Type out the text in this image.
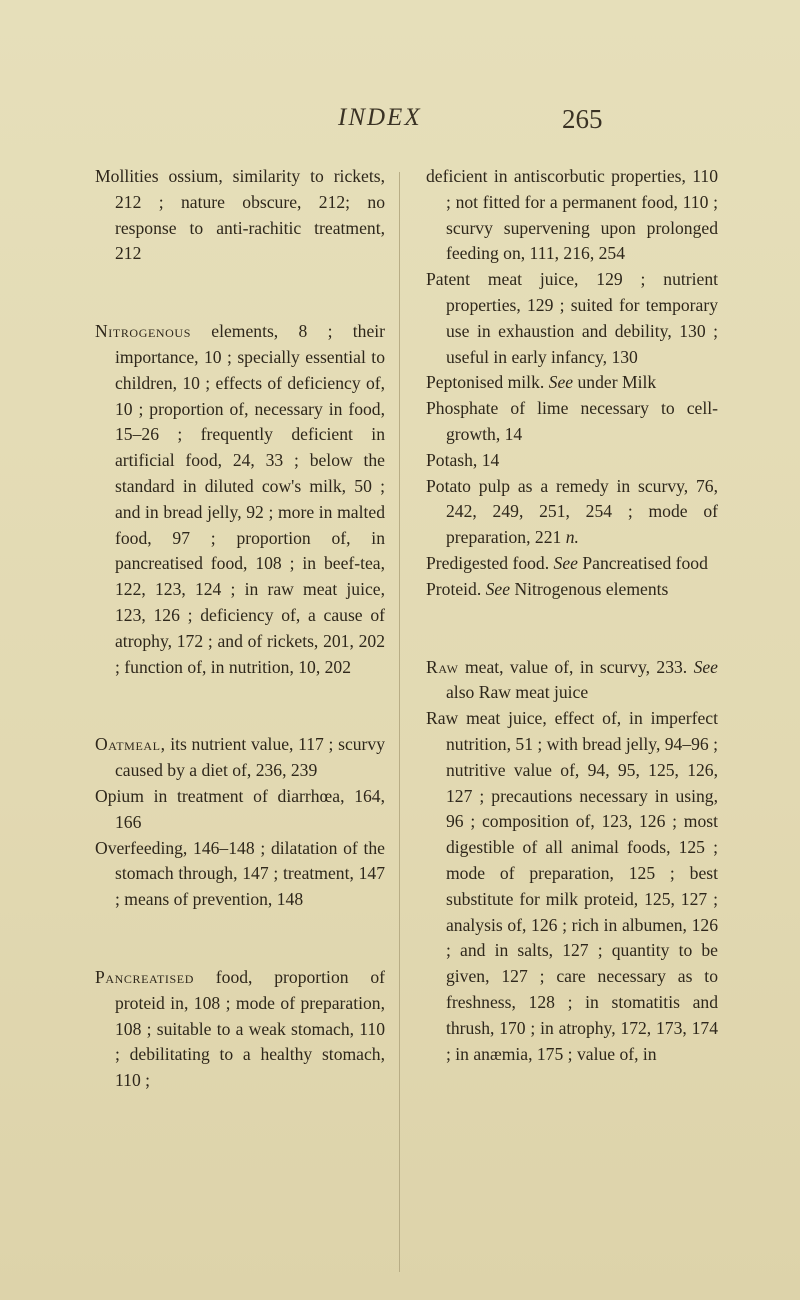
INDEX	265

Mollities ossium, similarity to rickets, 212 ; nature obscure, 212; no response to anti-rachitic treatment, 212

Nitrogenous elements, 8 ; their importance, 10 ; specially essential to children, 10 ; effects of deficiency of, 10 ; proportion of, necessary in food, 15–26 ; frequently deficient in artificial food, 24, 33 ; below the standard in diluted cow's milk, 50 ; and in bread jelly, 92 ; more in malted food, 97 ; proportion of, in pancreatised food, 108 ; in beef-tea, 122, 123, 124 ; in raw meat juice, 123, 126 ; deficiency of, a cause of atrophy, 172 ; and of rickets, 201, 202 ; function of, in nutrition, 10, 202

Oatmeal, its nutrient value, 117 ; scurvy caused by a diet of, 236, 239

Opium in treatment of diarrhœa, 164, 166

Overfeeding, 146–148 ; dilatation of the stomach through, 147 ; treatment, 147 ; means of prevention, 148

Pancreatised food, proportion of proteid in, 108 ; mode of preparation, 108 ; suitable to a weak stomach, 110 ; debilitating to a healthy stomach, 110 ;

deficient in antiscorbutic properties, 110 ; not fitted for a permanent food, 110 ; scurvy supervening upon prolonged feeding on, 111, 216, 254

Patent meat juice, 129 ; nutrient properties, 129 ; suited for temporary use in exhaustion and debility, 130 ; useful in early infancy, 130

Peptonised milk. See under Milk

Phosphate of lime necessary to cell-growth, 14

Potash, 14

Potato pulp as a remedy in scurvy, 76, 242, 249, 251, 254 ; mode of preparation, 221 n.

Predigested food. See Pancreatised food

Proteid. See Nitrogenous elements

Raw meat, value of, in scurvy, 233. See also Raw meat juice

Raw meat juice, effect of, in imperfect nutrition, 51 ; with bread jelly, 94–96 ; nutritive value of, 94, 95, 125, 126, 127 ; precautions necessary in using, 96 ; composition of, 123, 126 ; most digestible of all animal foods, 125 ; mode of preparation, 125 ; best substitute for milk proteid, 125, 127 ; analysis of, 126 ; rich in albumen, 126 ; and in salts, 127 ; quantity to be given, 127 ; care necessary as to freshness, 128 ; in stomatitis and thrush, 170 ; in atrophy, 172, 173, 174 ; in anæmia, 175 ; value of, in
